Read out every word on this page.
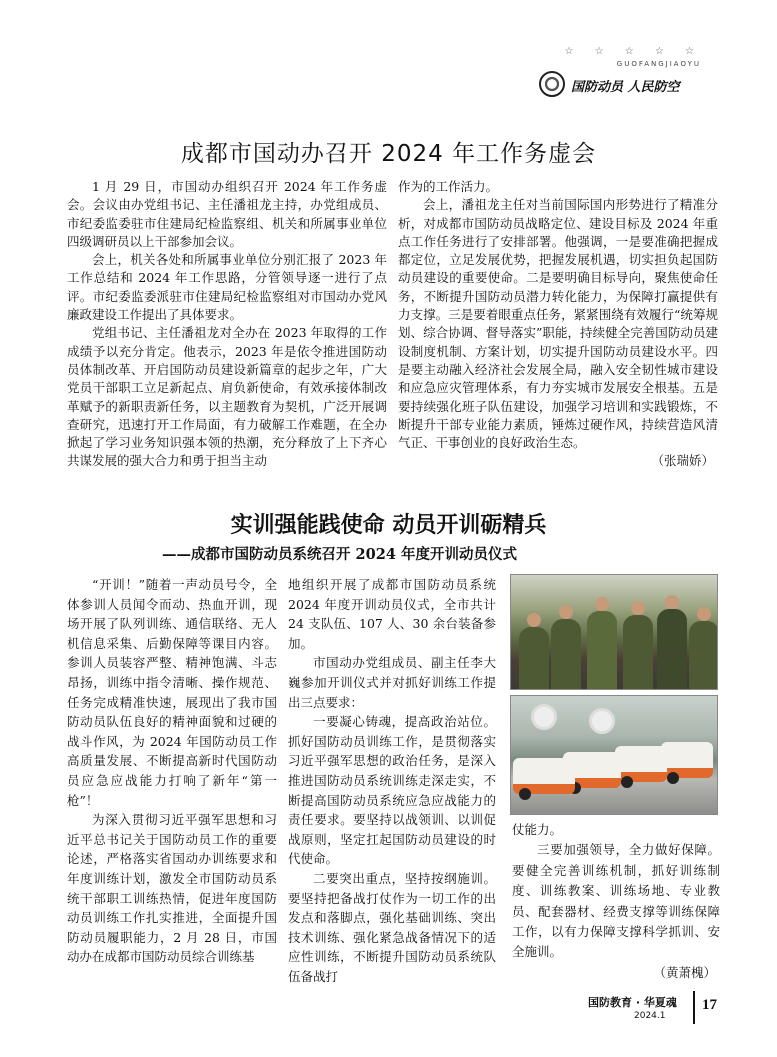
☆ ☆ ☆ ☆ ☆
GUOFANGJIAOYU
国防动员 人民防空
成都市国动办召开 2024 年工作务虚会

1 月 29 日，市国动办组织召开 2024 年工作务虚会。会议由办党组书记、主任潘祖龙主持，办党组成员、市纪委监委驻市住建局纪检监察组、机关和所属事业单位四级调研员以上干部参加会议。

会上，机关各处和所属事业单位分别汇报了 2023 年工作总结和 2024 年工作思路，分管领导逐一进行了点评。市纪委监委派驻市住建局纪检监察组对市国动办党风廉政建设工作提出了具体要求。

党组书记、主任潘祖龙对全办在 2023 年取得的工作成绩予以充分肯定。他表示，2023 年是依令推进国防动员体制改革、开启国防动员建设新篇章的起步之年，广大党员干部职工立足新起点、肩负新使命，有效承接体制改革赋予的新职责新任务，以主题教育为契机，广泛开展调查研究，迅速打开工作局面，有力破解工作难题，在全办掀起了学习业务知识强本领的热潮，充分释放了上下齐心共谋发展的强大合力和勇于担当主动

作为的工作活力。

会上，潘祖龙主任对当前国际国内形势进行了精准分析，对成都市国防动员战略定位、建设目标及 2024 年重点工作任务进行了安排部署。他强调，一是要准确把握成都定位，立足发展优势，把握发展机遇，切实担负起国防动员建设的重要使命。二是要明确目标导向，聚焦使命任务，不断提升国防动员潜力转化能力，为保障打赢提供有力支撑。三是要着眼重点任务，紧紧围绕有效履行“统筹规划、综合协调、督导落实”职能，持续健全完善国防动员建设制度机制、方案计划，切实提升国防动员建设水平。四是要主动融入经济社会发展全局，融入安全韧性城市建设和应急应灾管理体系，有力夯实城市发展安全根基。五是要持续强化班子队伍建设，加强学习培训和实践锻炼，不断提升干部专业能力素质，锤炼过硬作风，持续营造风清气正、干事创业的良好政治生态。

（张瑞娇）
实训强能践使命 动员开训砺精兵
——成都市国防动员系统召开 2024 年度开训动员仪式

“开训！”随着一声动员号令，全体参训人员闻令而动、热血开训，现场开展了队列训练、通信联络、无人机信息采集、后勤保障等课目内容。参训人员装容严整、精神饱满、斗志昂扬，训练中指令清晰、操作规范、任务完成精准快速，展现出了我市国防动员队伍良好的精神面貌和过硬的战斗作风，为 2024 年国防动员工作高质量发展、不断提高新时代国防动员应急应战能力打响了新年“第一枪”！

为深入贯彻习近平强军思想和习近平总书记关于国防动员工作的重要论述，严格落实省国动办训练要求和年度训练计划，激发全市国防动员系统干部职工训练热情，促进年度国防动员训练工作扎实推进，全面提升国防动员履职能力，2 月 28 日，市国动办在成都市国防动员综合训练基

地组织开展了成都市国防动员系统 2024 年度开训动员仪式，全市共计 24 支队伍、107 人、30 余台装备参加。

市国动办党组成员、副主任李大巍参加开训仪式并对抓好训练工作提出三点要求：

一要凝心铸魂，提高政治站位。抓好国防动员训练工作，是贯彻落实习近平强军思想的政治任务，是深入推进国防动员系统训练走深走实，不断提高国防动员系统应急应战能力的责任要求。要坚持以战领训、以训促战原则，坚定扛起国防动员建设的时代使命。

二要突出重点，坚持按纲施训。要坚持把备战打仗作为一切工作的出发点和落脚点，强化基础训练、突出技术训练、强化紧急战备情况下的适应性训练，不断提升国防动员系统队伍备战打

仗能力。

三要加强领导，全力做好保障。要健全完善训练机制，抓好训练制度、训练教案、训练场地、专业教员、配套器材、经费支撑等训练保障工作，以有力保障支撑科学抓训、安全施训。

（黄萧槐）
国防教育 · 华夏魂
2024.1
17
